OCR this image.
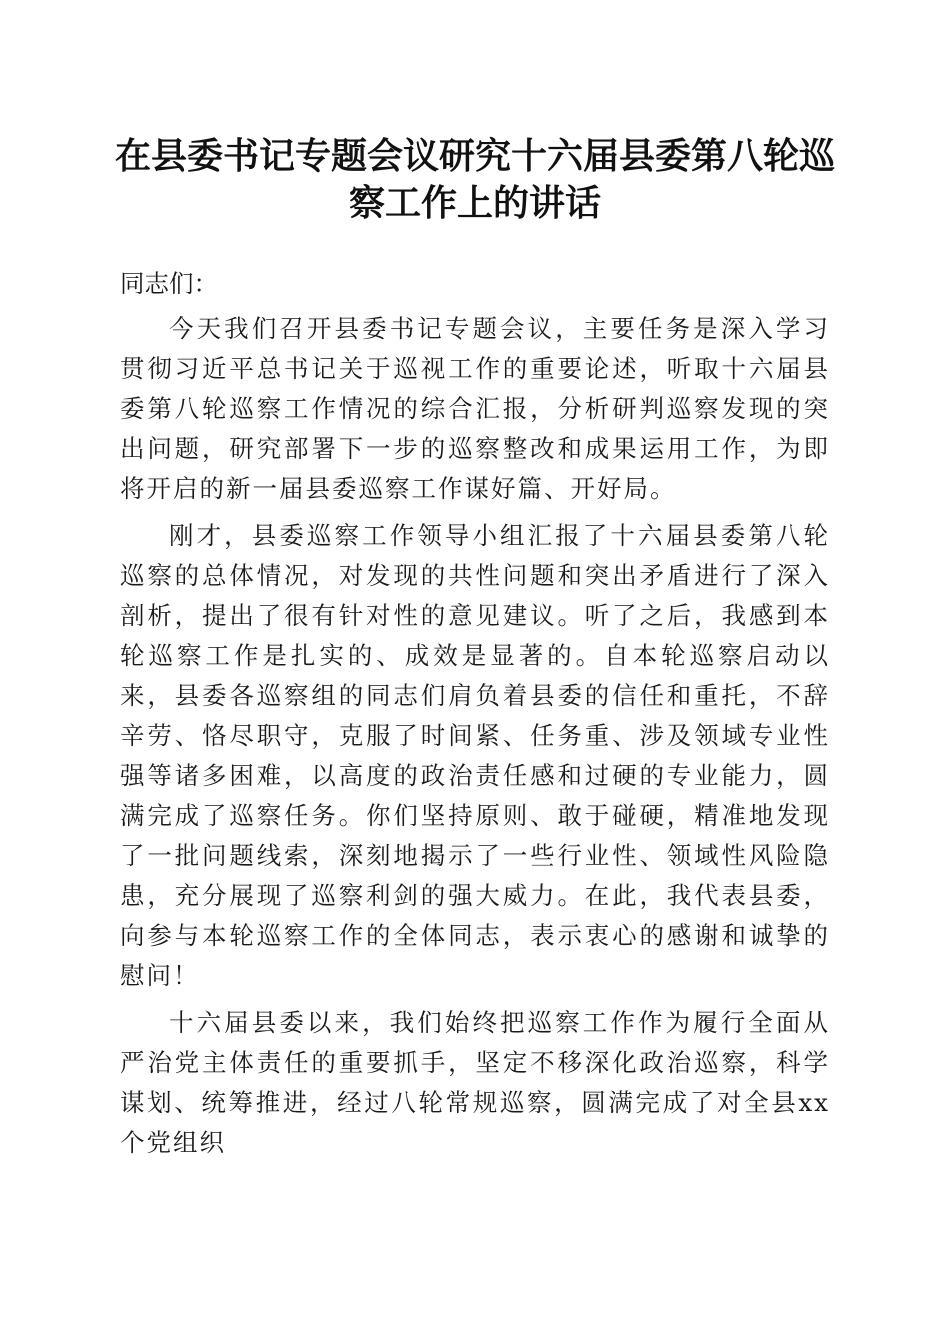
在县委书记专题会议研究十六届县委第八轮巡察工作上的讲话

同志们：

今天我们召开县委书记专题会议，主要任务是深入学习贯彻习近平总书记关于巡视工作的重要论述，听取十六届县委第八轮巡察工作情况的综合汇报，分析研判巡察发现的突出问题，研究部署下一步的巡察整改和成果运用工作，为即将开启的新一届县委巡察工作谋好篇、开好局。

刚才，县委巡察工作领导小组汇报了十六届县委第八轮巡察的总体情况，对发现的共性问题和突出矛盾进行了深入剖析，提出了很有针对性的意见建议。听了之后，我感到本轮巡察工作是扎实的、成效是显著的。自本轮巡察启动以来，县委各巡察组的同志们肩负着县委的信任和重托，不辞辛劳、恪尽职守，克服了时间紧、任务重、涉及领域专业性强等诸多困难，以高度的政治责任感和过硬的专业能力，圆满完成了巡察任务。你们坚持原则、敢于碰硬，精准地发现了一批问题线索，深刻地揭示了一些行业性、领域性风险隐患，充分展现了巡察利剑的强大威力。在此，我代表县委，向参与本轮巡察工作的全体同志，表示衷心的感谢和诚挚的慰问！

十六届县委以来，我们始终把巡察工作作为履行全面从严治党主体责任的重要抓手，坚定不移深化政治巡察，科学谋划、统筹推进，经过八轮常规巡察，圆满完成了对全县xx个党组织
